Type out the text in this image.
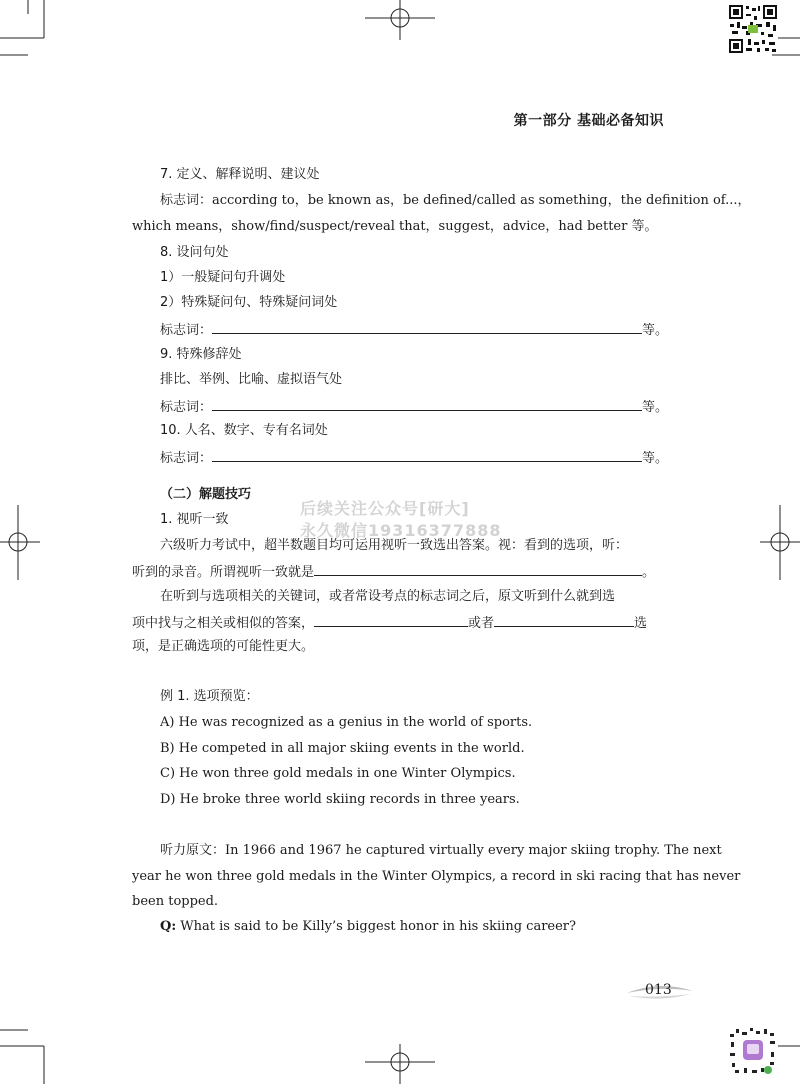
第一部分 基础必备知识
7. 定义、解释说明、建议处
标志词：according to，be known as，be defined/called as something，the definition of...，
which means，show/find/suspect/reveal that，suggest，advice，had better 等。
8. 设问句处
1）一般疑问句升调处
2）特殊疑问句、特殊疑问词处
标志词：	等。
9. 特殊修辞处
排比、举例、比喻、虚拟语气处
标志词：	等。
10. 人名、数字、专有名词处
标志词：	等。
（二）解题技巧
1. 视听一致
六级听力考试中，超半数题目均可运用视听一致选出答案。视：看到的选项，听：
听到的录音。所谓视听一致就是	。
在听到与选项相关的关键词，或者常设考点的标志词之后，原文听到什么就到选
项中找与之相关或相似的答案，	或者	选
项，是正确选项的可能性更大。
例 1. 选项预览：
A) He was recognized as a genius in the world of sports.
B) He competed in all major skiing events in the world.
C) He won three gold medals in one Winter Olympics.
D) He broke three world skiing records in three years.
听力原文：In 1966 and 1967 he captured virtually every major skiing trophy. The next
year he won three gold medals in the Winter Olympics, a record in ski racing that has never
been topped.
Q: What is said to be Killy’s biggest honor in his skiing career?
后续关注公众号[研大]
永久微信19316377888
013
